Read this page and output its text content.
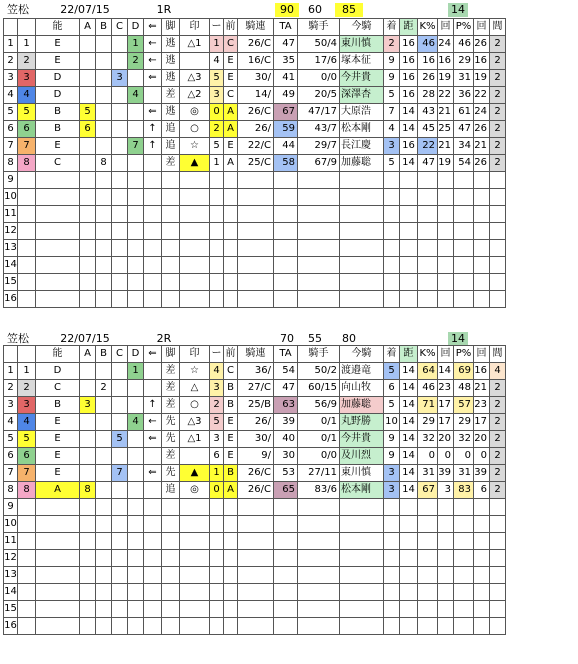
笠松	22/07/15	1R	90	60	85	14
		能	A	B	C	D	⇐	脚	印	ー	前	騎連	TA	騎手	今騎	着	距	K%	回	P%	回	閭
1	1	E				1	←	逃	△1	1	C	26/C	47	50/4	東川慎	2	16	46	24	46	26	2
2	2	E				2	←	逃		4	E	16/C	35	17/6	塚本征	9	16	16	16	29	16	2
3	3	D			3		⇐	逃	△3	5	E	30/	41	0/0	今井貴	9	16	26	19	31	19	2
4	4	D				4		差	△2	3	C	14/	49	20/5	深澤杏	5	16	28	22	36	22	2
5	5	B	5				⇐	逃	◎	0	A	26/C	67	47/17	大原浩	7	14	43	21	61	24	2
6	6	B	6				↑	追	○	2	A	26/	59	43/7	松本剛	4	14	45	25	47	26	2
7	7	E				7	↑	追	☆	5	E	22/C	44	29/7	長江慶	3	16	22	21	34	21	2
8	8	C		8				差	▲	1	A	25/C	58	67/9	加藤聡	5	14	47	19	54	26	2
9																						
10																						
11																						
12																						
13																						
14																						
15																						
16																						
笠松	22/07/15	2R	70	55	80	14
		能	A	B	C	D	⇐	脚	印	ー	前	騎連	TA	騎手	今騎	着	距	K%	回	P%	回	閭
1	1	D				1		差	☆	4	C	36/	54	50/2	渡邉竜	5	14	64	14	69	16	4
2	2	C		2				差	△	3	B	27/C	47	60/15	向山牧	6	14	46	23	48	21	2
3	3	B	3				↑	差	○	2	B	25/B	63	56/9	加藤聡	5	14	71	17	57	23	2
4	4	E				4	←	先	△3	5	E	26/	39	0/1	丸野勝	10	14	29	17	29	17	2
5	5	E			5		⇐	先	△1	3	E	30/	40	0/1	今井貴	9	14	32	20	32	20	2
6	6	E						差		6	E	9/	30	0/0	及川烈	9	14	0	0	0	0	2
7	7	E			7		⇐	先	▲	1	B	26/C	53	27/11	東川慎	3	14	31	39	31	39	2
8	8	A	8					追	◎	0	A	26/C	65	83/6	松本剛	3	14	67	3	83	6	2
9																						
10																						
11																						
12																						
13																						
14																						
15																						
16																						
